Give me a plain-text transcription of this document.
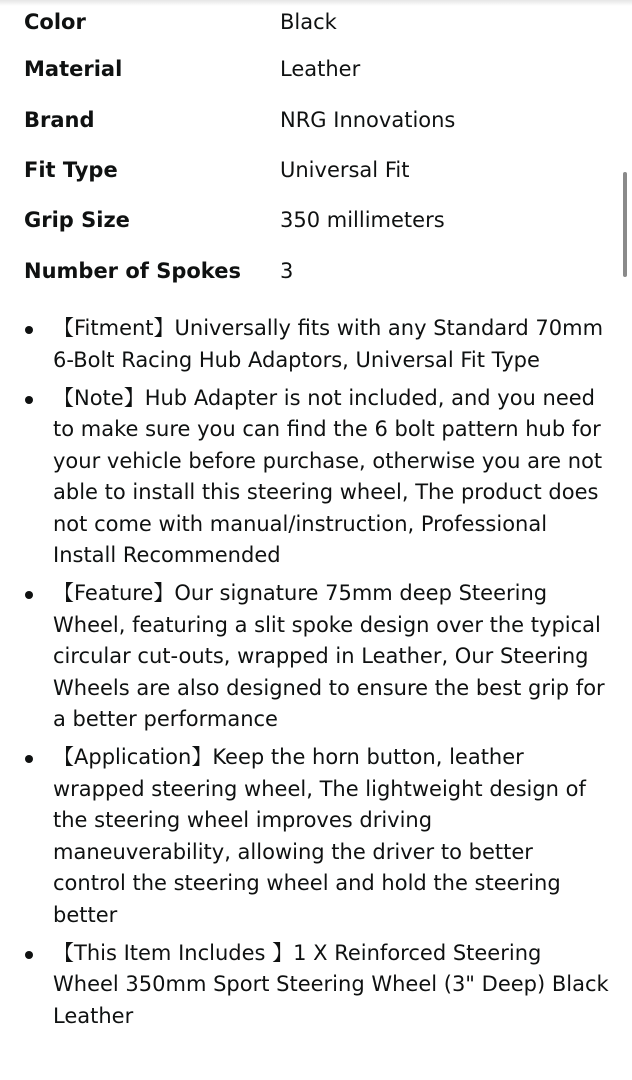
Color	Black
Material	Leather
Brand	NRG Innovations
Fit Type	Universal Fit
Grip Size	350 millimeters
Number of Spokes	3
【Fitment】Universally fits with any Standard 70mm 6-Bolt Racing Hub Adaptors, Universal Fit Type
【Note】Hub Adapter is not included, and you need to make sure you can find the 6 bolt pattern hub for your vehicle before purchase, otherwise you are not able to install this steering wheel, The product does not come with manual/instruction, Professional Install Recommended
【Feature】Our signature 75mm deep Steering Wheel, featuring a slit spoke design over the typical circular cut-outs, wrapped in Leather, Our Steering Wheels are also designed to ensure the best grip for a better performance
【Application】Keep the horn button, leather wrapped steering wheel, The lightweight design of the steering wheel improves driving maneuverability, allowing the driver to better control the steering wheel and hold the steering better
【This Item Includes 】1 X Reinforced Steering Wheel 350mm Sport Steering Wheel (3" Deep) Black Leather
